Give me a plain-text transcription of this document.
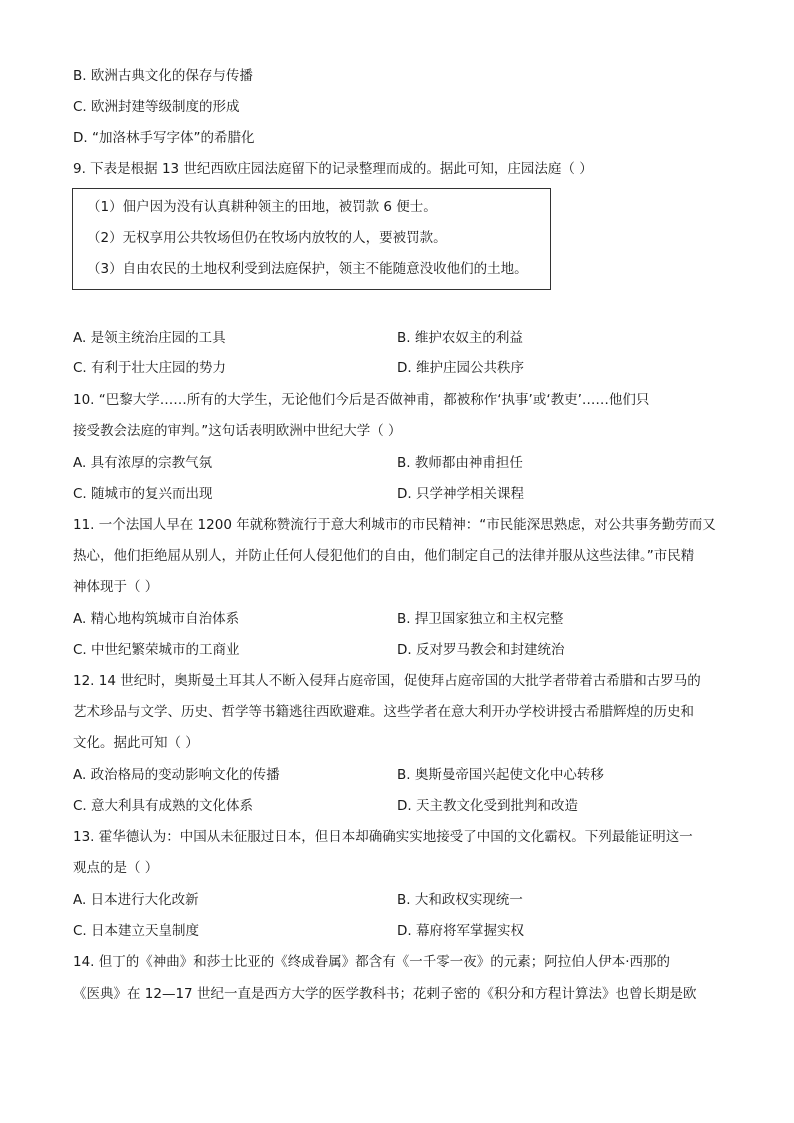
B. 欧洲古典文化的保存与传播
C. 欧洲封建等级制度的形成
D. “加洛林手写字体”的希腊化
9. 下表是根据 13 世纪西欧庄园法庭留下的记录整理而成的。据此可知，庄园法庭（ ）
（1）佃户因为没有认真耕种领主的田地，被罚款 6 便士。
（2）无权享用公共牧场但仍在牧场内放牧的人，要被罚款。
（3）自由农民的土地权利受到法庭保护，领主不能随意没收他们的土地。
A. 是领主统治庄园的工具	B. 维护农奴主的利益
C. 有利于壮大庄园的势力	D. 维护庄园公共秩序
10. “巴黎大学……所有的大学生，无论他们今后是否做神甫，都被称作‘执事’或‘教吏’……他们只
接受教会法庭的审判。”这句话表明欧洲中世纪大学（ ）
A. 具有浓厚的宗教气氛	B. 教师都由神甫担任
C. 随城市的复兴而出现	D. 只学神学相关课程
11. 一个法国人早在 1200 年就称赞流行于意大利城市的市民精神：“市民能深思熟虑，对公共事务勤劳而又
热心，他们拒绝屈从别人，并防止任何人侵犯他们的自由，他们制定自己的法律并服从这些法律。”市民精
神体现于（ ）
A. 精心地构筑城市自治体系	B. 捍卫国家独立和主权完整
C. 中世纪繁荣城市的工商业	D. 反对罗马教会和封建统治
12. 14 世纪时，奥斯曼土耳其人不断入侵拜占庭帝国，促使拜占庭帝国的大批学者带着古希腊和古罗马的
艺术珍品与文学、历史、哲学等书籍逃往西欧避难。这些学者在意大利开办学校讲授古希腊辉煌的历史和
文化。据此可知（ ）
A. 政治格局的变动影响文化的传播	B. 奥斯曼帝国兴起使文化中心转移
C. 意大利具有成熟的文化体系	D. 天主教文化受到批判和改造
13. 霍华德认为：中国从未征服过日本，但日本却确确实实地接受了中国的文化霸权。下列最能证明这一
观点的是（ ）
A. 日本进行大化改新	B. 大和政权实现统一
C. 日本建立天皇制度	D. 幕府将军掌握实权
14. 但丁的《神曲》和莎士比亚的《终成眷属》都含有《一千零一夜》的元素；阿拉伯人伊本·西那的
《医典》在 12—17 世纪一直是西方大学的医学教科书；花剌子密的《积分和方程计算法》也曾长期是欧
